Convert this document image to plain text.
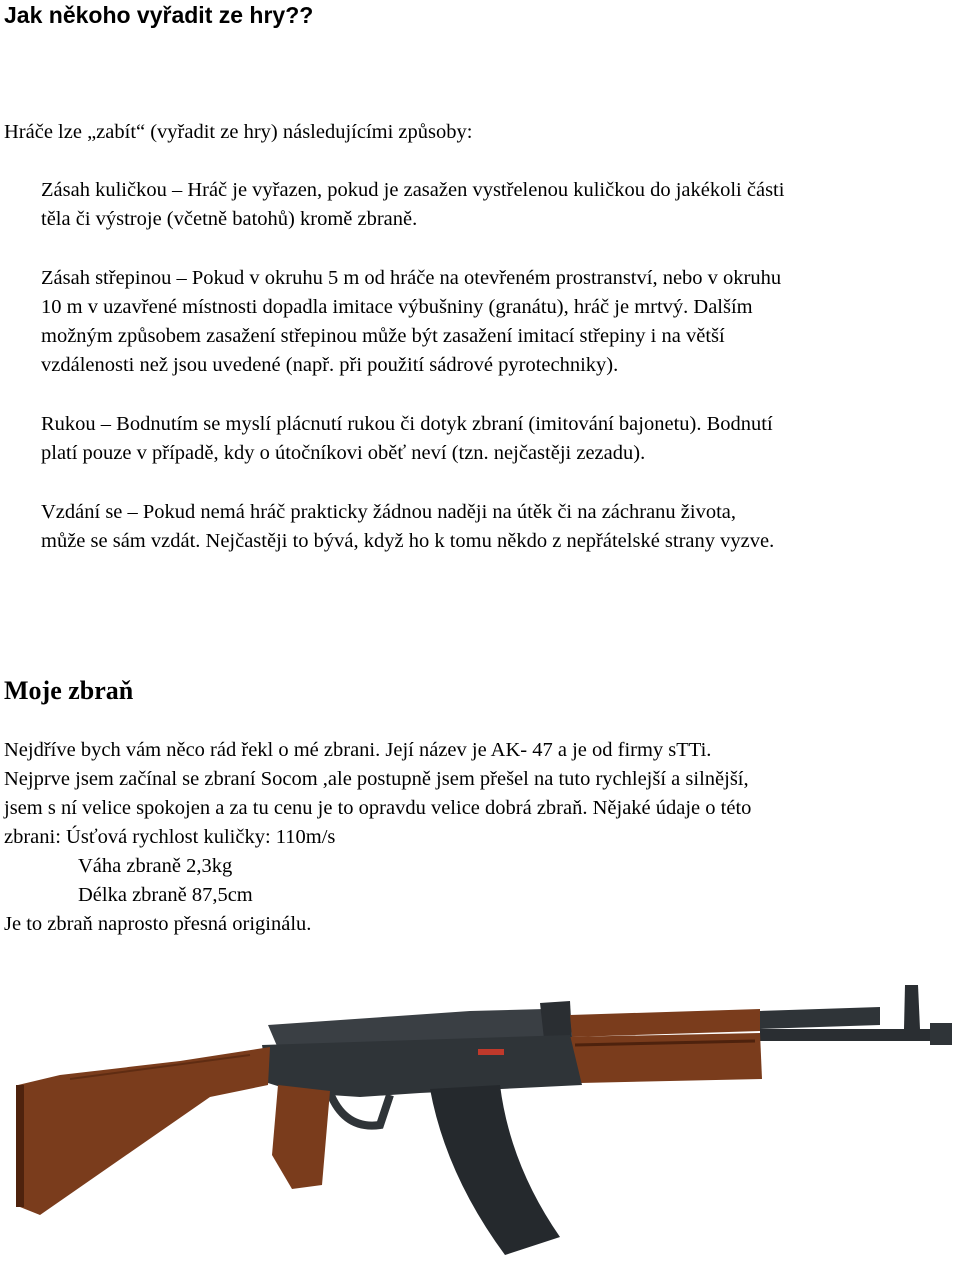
Jak někoho vyřadit ze hry??

Hráče lze „zabít“ (vyřadit ze hry) následujícími způsoby:

Zásah kuličkou – Hráč je vyřazen, pokud je zasažen vystřelenou kuličkou do jakékoli části
těla či výstroje (včetně batohů) kromě zbraně.
Zásah střepinou – Pokud v okruhu 5 m od hráče na otevřeném prostranství, nebo v okruhu
10 m v uzavřené místnosti dopadla imitace výbušniny (granátu), hráč je mrtvý. Dalším
možným způsobem zasažení střepinou může být zasažení imitací střepiny i na větší
vzdálenosti než jsou uvedené (např. při použití sádrové pyrotechniky).
Rukou – Bodnutím se myslí plácnutí rukou či dotyk zbraní (imitování bajonetu). Bodnutí
platí pouze v případě, kdy o útočníkovi oběť neví (tzn. nejčastěji zezadu).
Vzdání se – Pokud nemá hráč prakticky žádnou naději na útěk či na záchranu života,
může se sám vzdát. Nejčastěji to bývá, když ho k tomu někdo z nepřátelské strany vyzve.
Moje zbraň
Nejdříve bych vám něco rád řekl o mé zbrani. Její název je AK- 47 a je od firmy sTTi.
Nejprve jsem začínal se zbraní Socom ,ale postupně jsem přešel na tuto rychlejší a silnější,
jsem s ní velice spokojen a za tu cenu je to opravdu velice dobrá zbraň. Nějaké údaje o této
zbrani: Úsťová rychlost kuličky: 110m/s
Váha zbraně 2,3kg
Délka zbraně 87,5cm
Je to zbraň naprosto přesná originálu.
